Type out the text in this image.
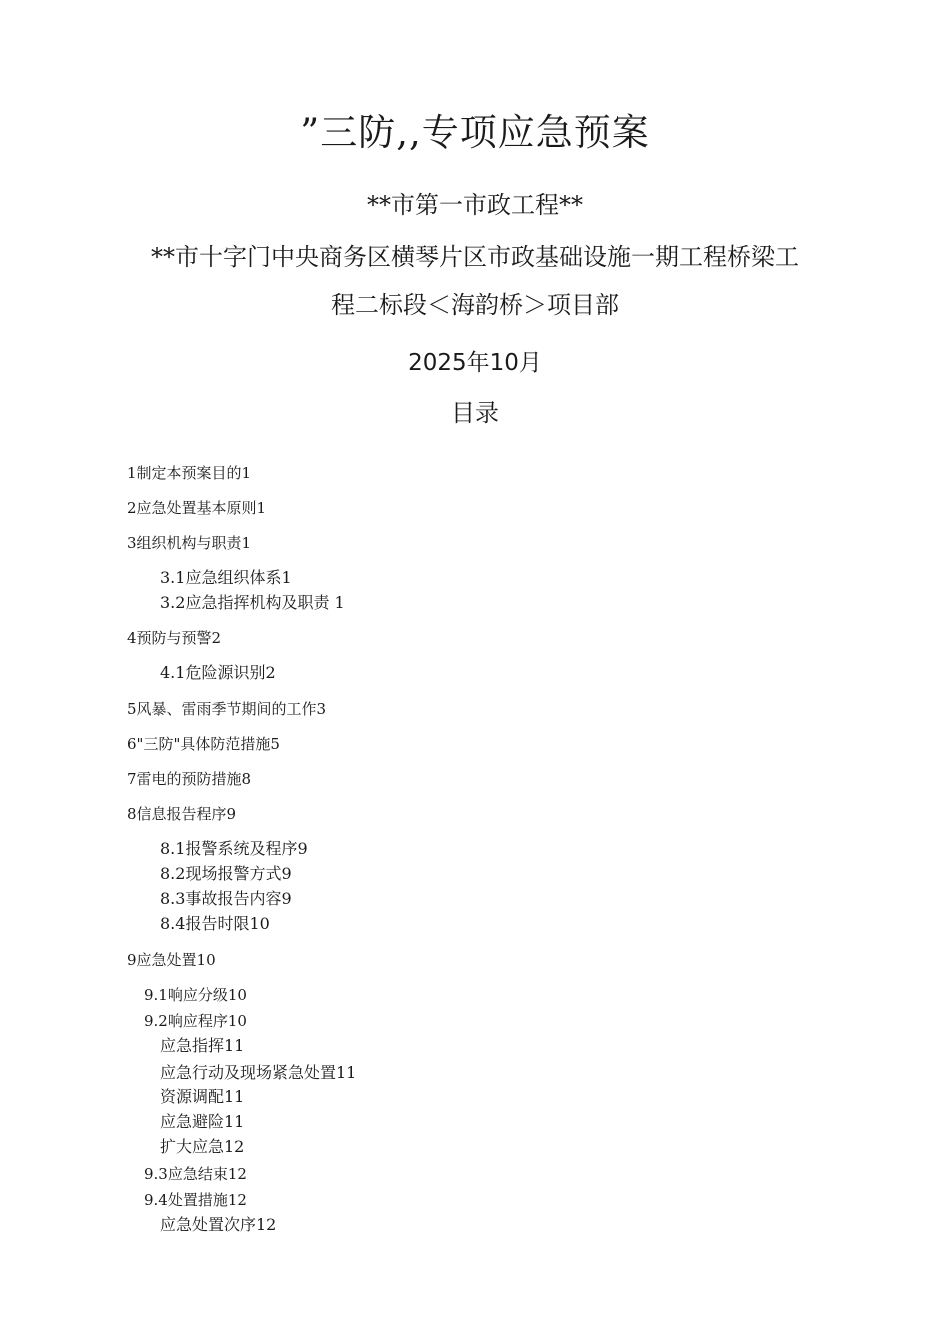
”三防,,专项应急预案
**市第一市政工程**
**市十字门中央商务区横琴片区市政基础设施一期工程桥梁工
程二标段＜海韵桥＞项目部
2025年10月
目录
1制定本预案目的1
2应急处置基本原则1
3组织机构与职责1
3.1应急组织体系1
3.2应急指挥机构及职责 1
4预防与预警2
4.1危险源识别2
5风暴、雷雨季节期间的工作3
6"三防"具体防范措施5
7雷电的预防措施8
8信息报告程序9
8.1报警系统及程序9
8.2现场报警方式9
8.3事故报告内容9
8.4报告时限10
9应急处置10
9.1响应分级10
9.2响应程序10
应急指挥11
应急行动及现场紧急处置11
资源调配11
应急避险11
扩大应急12
9.3应急结束12
9.4处置措施12
应急处置次序12
